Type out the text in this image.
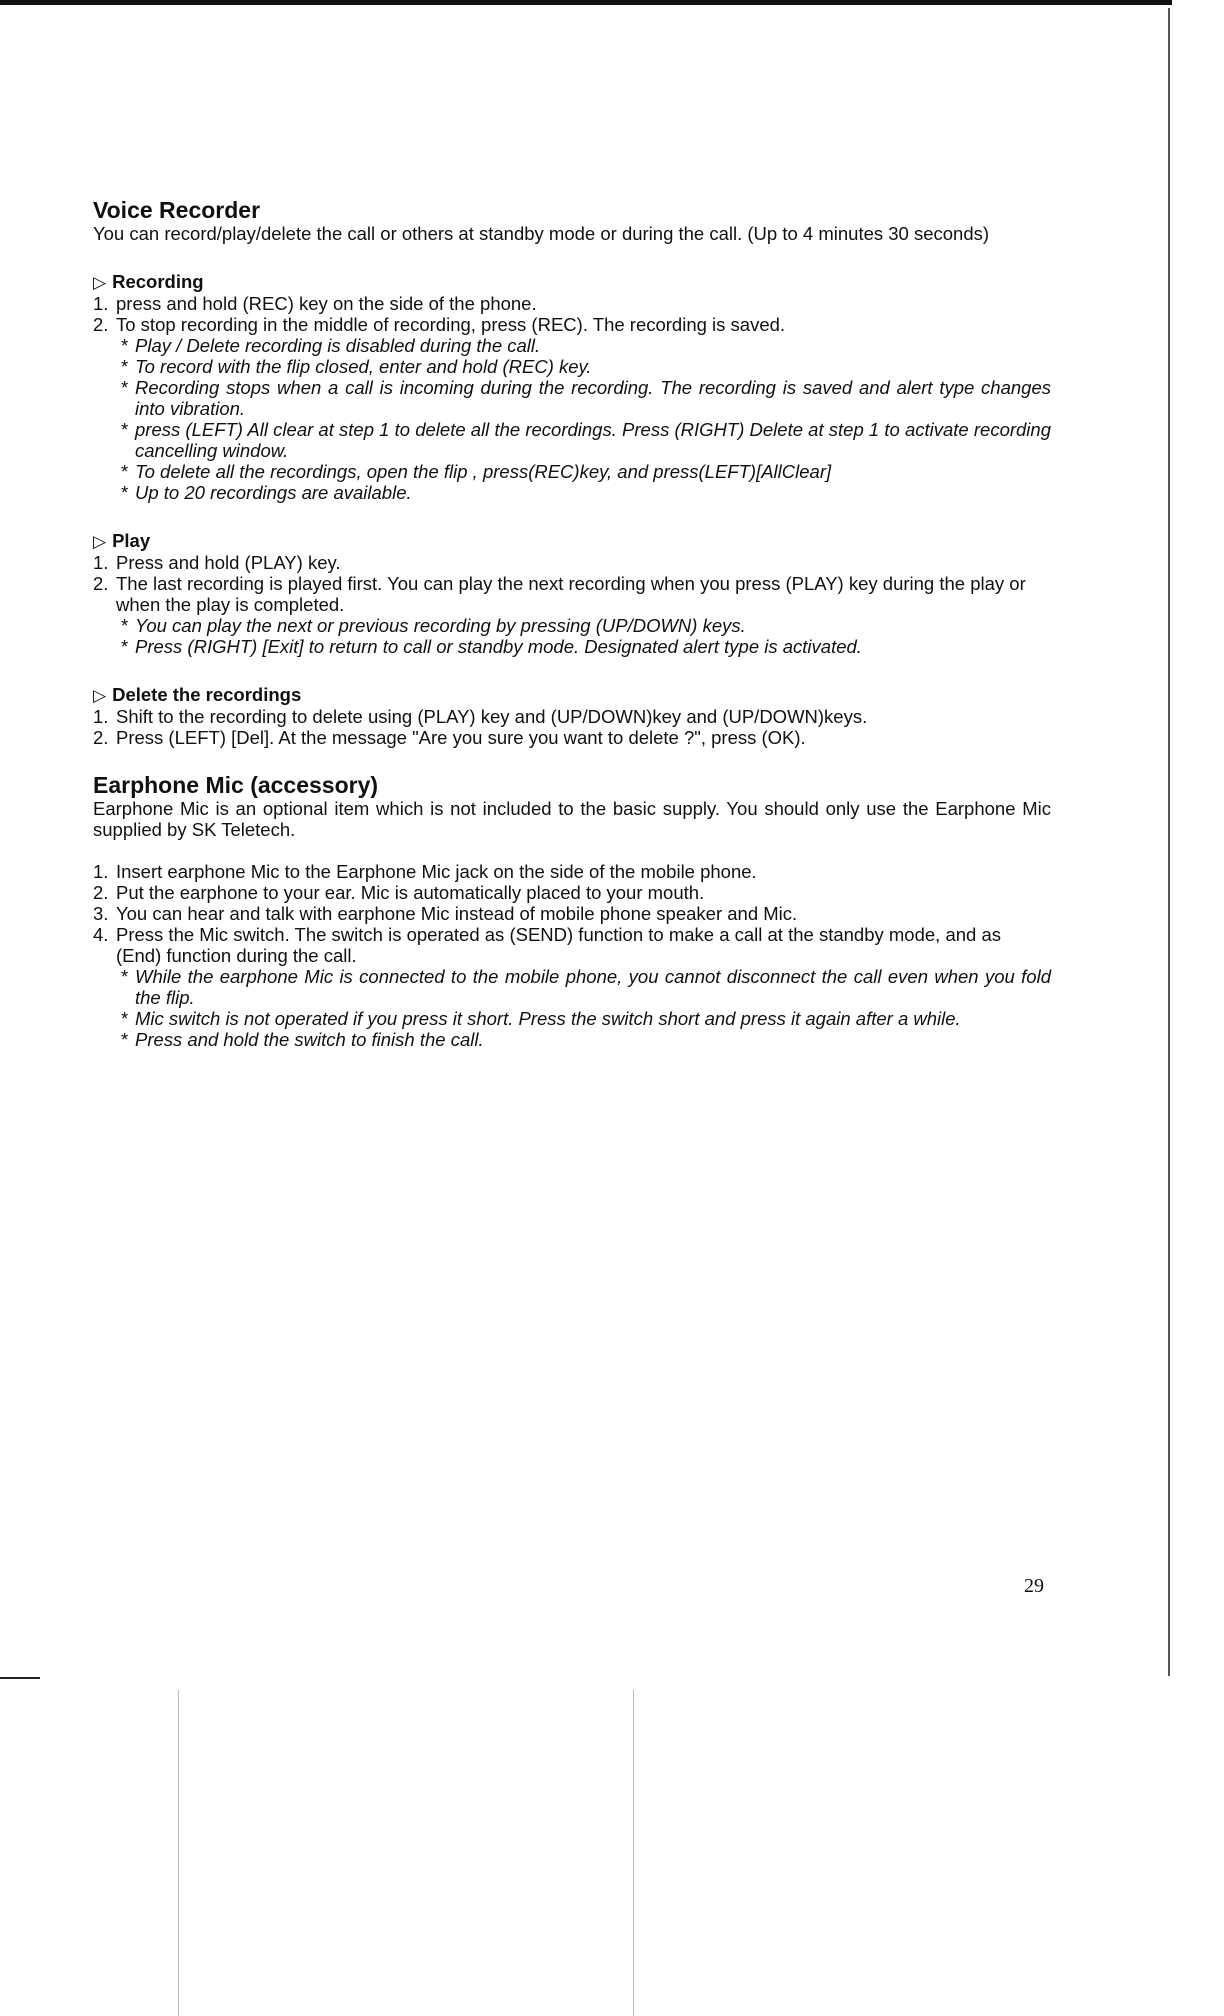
Voice Recorder

You can record/play/delete the call or others at standby mode or during the call. (Up to 4 minutes 30 seconds)

▷ Recording
1. press and hold (REC) key on the side of the phone.
2. To stop recording in the middle of recording, press (REC). The recording is saved.
* Play / Delete recording is disabled during the call.
* To record with the flip closed, enter and hold (REC) key.
* Recording stops when a call is incoming during the recording. The recording is saved and alert type changes into vibration.
* press (LEFT) All clear at step 1 to delete all the recordings. Press (RIGHT) Delete at step 1 to activate recording cancelling window.
* To delete all the recordings, open the flip , press(REC)key, and press(LEFT)[AllClear]
* Up to 20 recordings are available.
▷ Play
1. Press and hold (PLAY) key.
2. The last recording is played first. You can play the next recording when you press (PLAY) key during the play or when the play is completed.
* You can play the next or previous recording by pressing (UP/DOWN) keys.
* Press (RIGHT) [Exit] to return to call or standby mode. Designated alert type is activated.
▷ Delete the recordings
1. Shift to the recording to delete using (PLAY) key and (UP/DOWN)key and (UP/DOWN)keys.
2. Press (LEFT) [Del]. At the message "Are you sure you want to delete ?", press (OK).
Earphone Mic (accessory)

Earphone Mic is an optional item which is not included to the basic supply. You should only use the Earphone Mic supplied by SK Teletech.

1. Insert earphone Mic to the Earphone Mic jack on the side of the mobile phone.
2. Put the earphone to your ear. Mic is automatically placed to your mouth.
3. You can hear and talk with earphone Mic instead of mobile phone speaker and Mic.
4. Press the Mic switch. The switch is operated as (SEND) function to make a call at the standby mode, and as (End) function during the call.
* While the earphone Mic is connected to the mobile phone, you cannot disconnect the call even when you fold the flip.
* Mic switch is not operated if you press it short. Press the switch short and press it again after a while.
* Press and hold the switch to finish the call.
29
